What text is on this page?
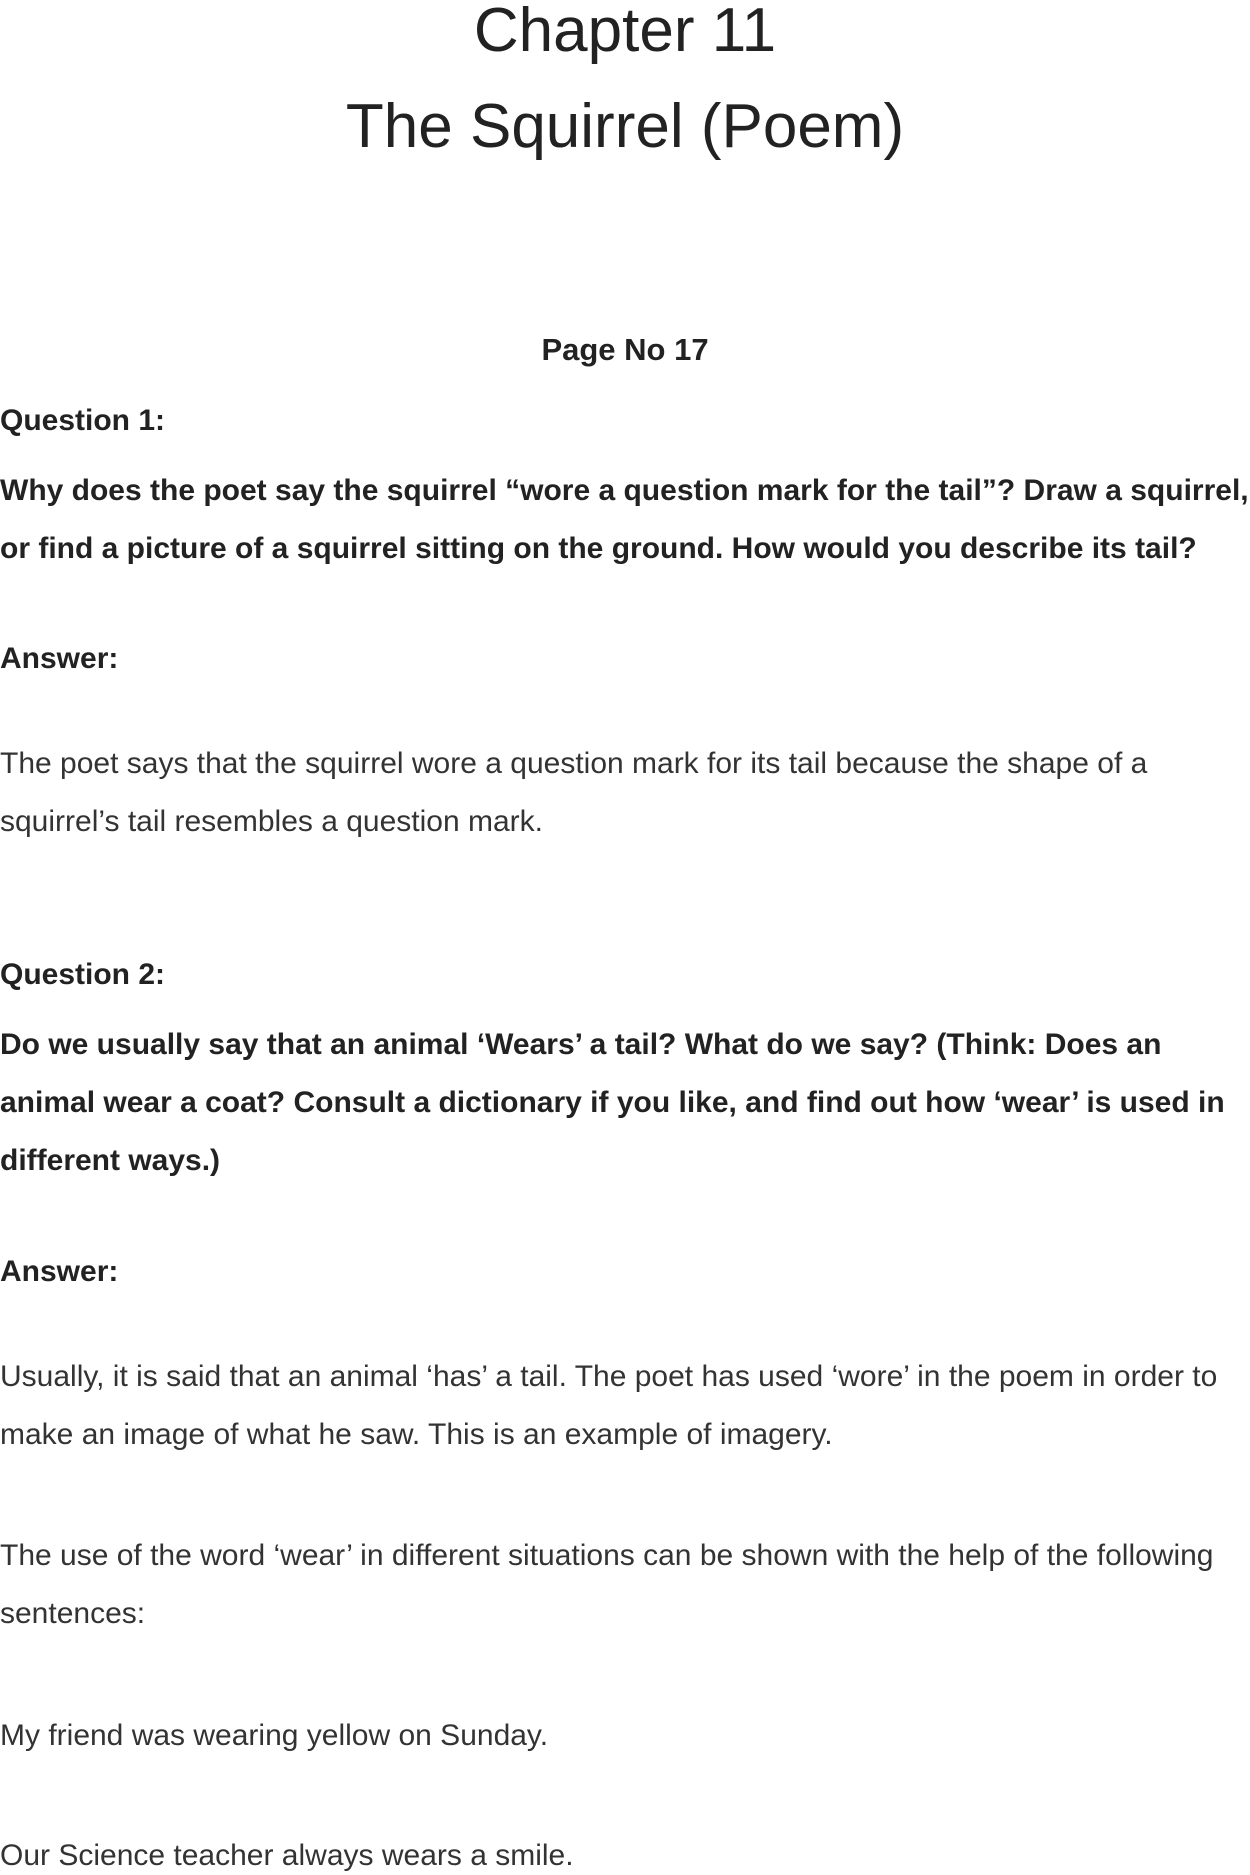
Chapter 11
The Squirrel (Poem)
Page No 17
Question 1:
Why does the poet say the squirrel “wore a question mark for the tail”? Draw a squirrel, or find a picture of a squirrel sitting on the ground. How would you describe its tail?
Answer:
The poet says that the squirrel wore a question mark for its tail because the shape of a squirrel’s tail resembles a question mark.
Question 2:
Do we usually say that an animal ‘Wears’ a tail? What do we say? (Think: Does an animal wear a coat? Consult a dictionary if you like, and find out how ‘wear’ is used in different ways.)
Answer:
Usually, it is said that an animal ‘has’ a tail. The poet has used ‘wore’ in the poem in order to make an image of what he saw. This is an example of imagery.
The use of the word ‘wear’ in different situations can be shown with the help of the following sentences:
My friend was wearing yellow on Sunday.
Our Science teacher always wears a smile.
